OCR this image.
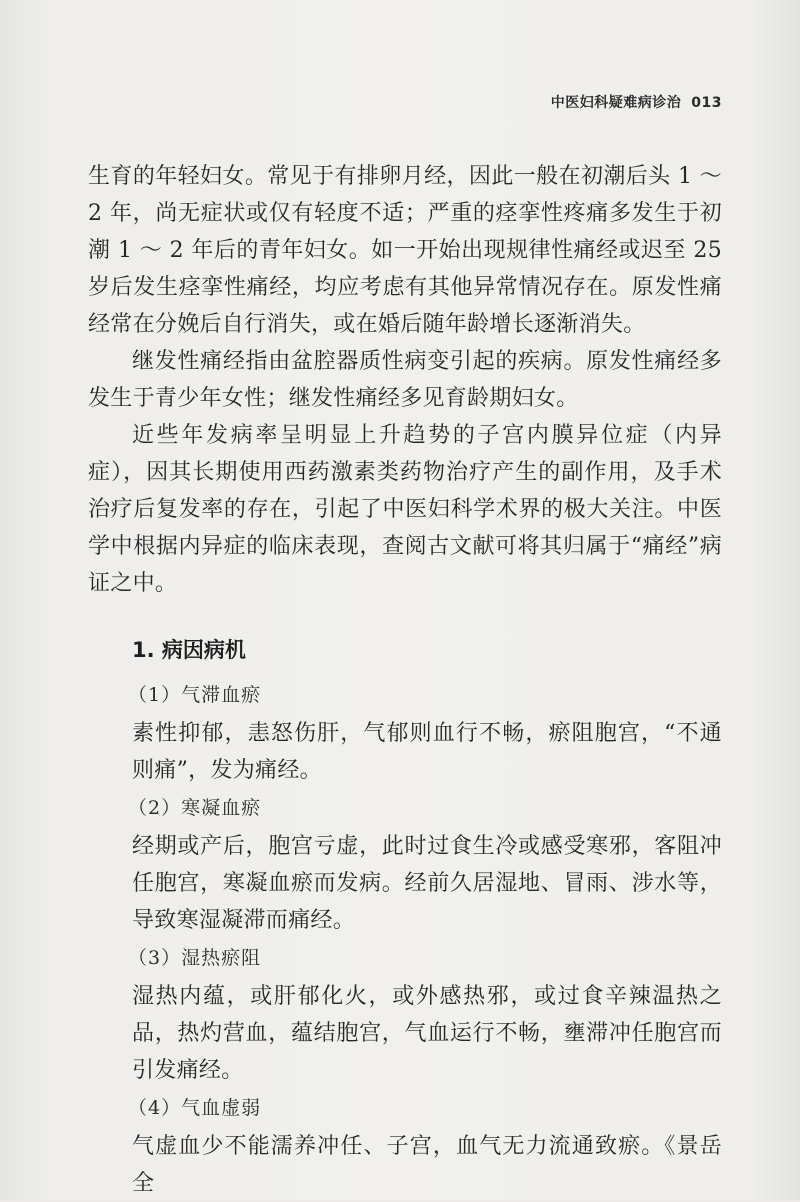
中医妇科疑难病诊治 013

生育的年轻妇女。常见于有排卵月经，因此一般在初潮后头 1 ～ 2 年，尚无症状或仅有轻度不适；严重的痉挛性疼痛多发生于初潮 1 ～ 2 年后的青年妇女。如一开始出现规律性痛经或迟至 25 岁后发生痉挛性痛经，均应考虑有其他异常情况存在。原发性痛经常在分娩后自行消失，或在婚后随年龄增长逐渐消失。

继发性痛经指由盆腔器质性病变引起的疾病。原发性痛经多发生于青少年女性；继发性痛经多见育龄期妇女。

近些年发病率呈明显上升趋势的子宫内膜异位症（内异症），因其长期使用西药激素类药物治疗产生的副作用，及手术治疗后复发率的存在，引起了中医妇科学术界的极大关注。中医学中根据内异症的临床表现，查阅古文献可将其归属于“痛经”病证之中。

1. 病因病机
（1）气滞血瘀

素性抑郁，恚怒伤肝，气郁则血行不畅，瘀阻胞宫，“不通则痛”，发为痛经。

（2）寒凝血瘀

经期或产后，胞宫亏虚，此时过食生冷或感受寒邪，客阻冲任胞宫，寒凝血瘀而发病。经前久居湿地、冒雨、涉水等，导致寒湿凝滞而痛经。

（3）湿热瘀阻

湿热内蕴，或肝郁化火，或外感热邪，或过食辛辣温热之品，热灼营血，蕴结胞宫，气血运行不畅，壅滞冲任胞宫而引发痛经。

（4）气血虚弱

气虚血少不能濡养冲任、子宫，血气无力流通致瘀。《景岳全
